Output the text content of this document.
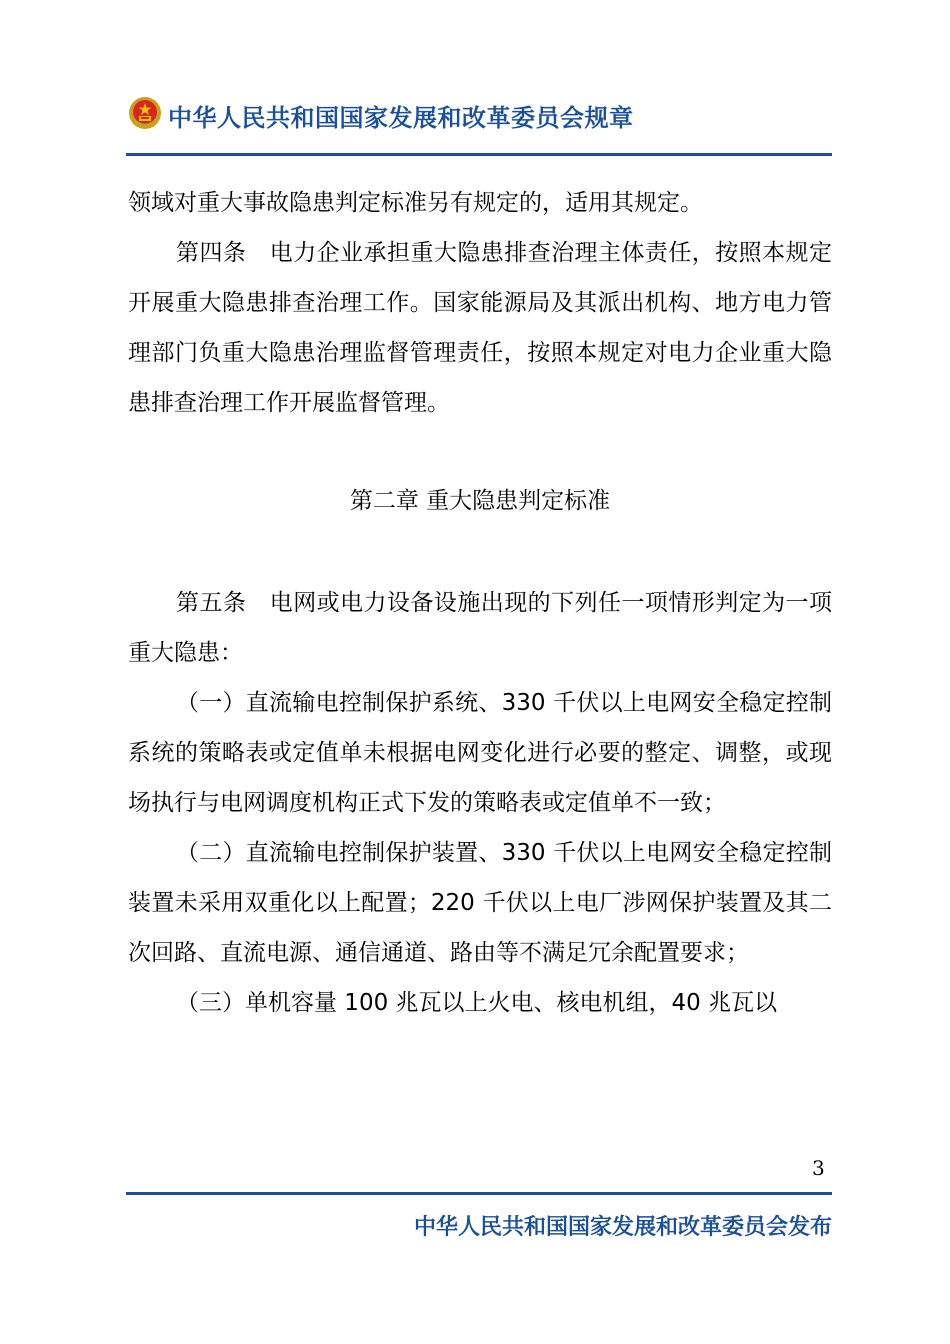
中华人民共和国国家发展和改革委员会规章

领域对重大事故隐患判定标准另有规定的，适用其规定。

第四条　电力企业承担重大隐患排查治理主体责任，按照本规定开展重大隐患排查治理工作。国家能源局及其派出机构、地方电力管理部门负重大隐患治理监督管理责任，按照本规定对电力企业重大隐患排查治理工作开展监督管理。

第二章 重大隐患判定标准

第五条　电网或电力设备设施出现的下列任一项情形判定为一项重大隐患：

（一）直流输电控制保护系统、330 千伏以上电网安全稳定控制系统的策略表或定值单未根据电网变化进行必要的整定、调整，或现场执行与电网调度机构正式下发的策略表或定值单不一致；

（二）直流输电控制保护装置、330 千伏以上电网安全稳定控制装置未采用双重化以上配置；220 千伏以上电厂涉网保护装置及其二次回路、直流电源、通信通道、路由等不满足冗余配置要求；

（三）单机容量 100 兆瓦以上火电、核电机组，40 兆瓦以

3
中华人民共和国国家发展和改革委员会发布
